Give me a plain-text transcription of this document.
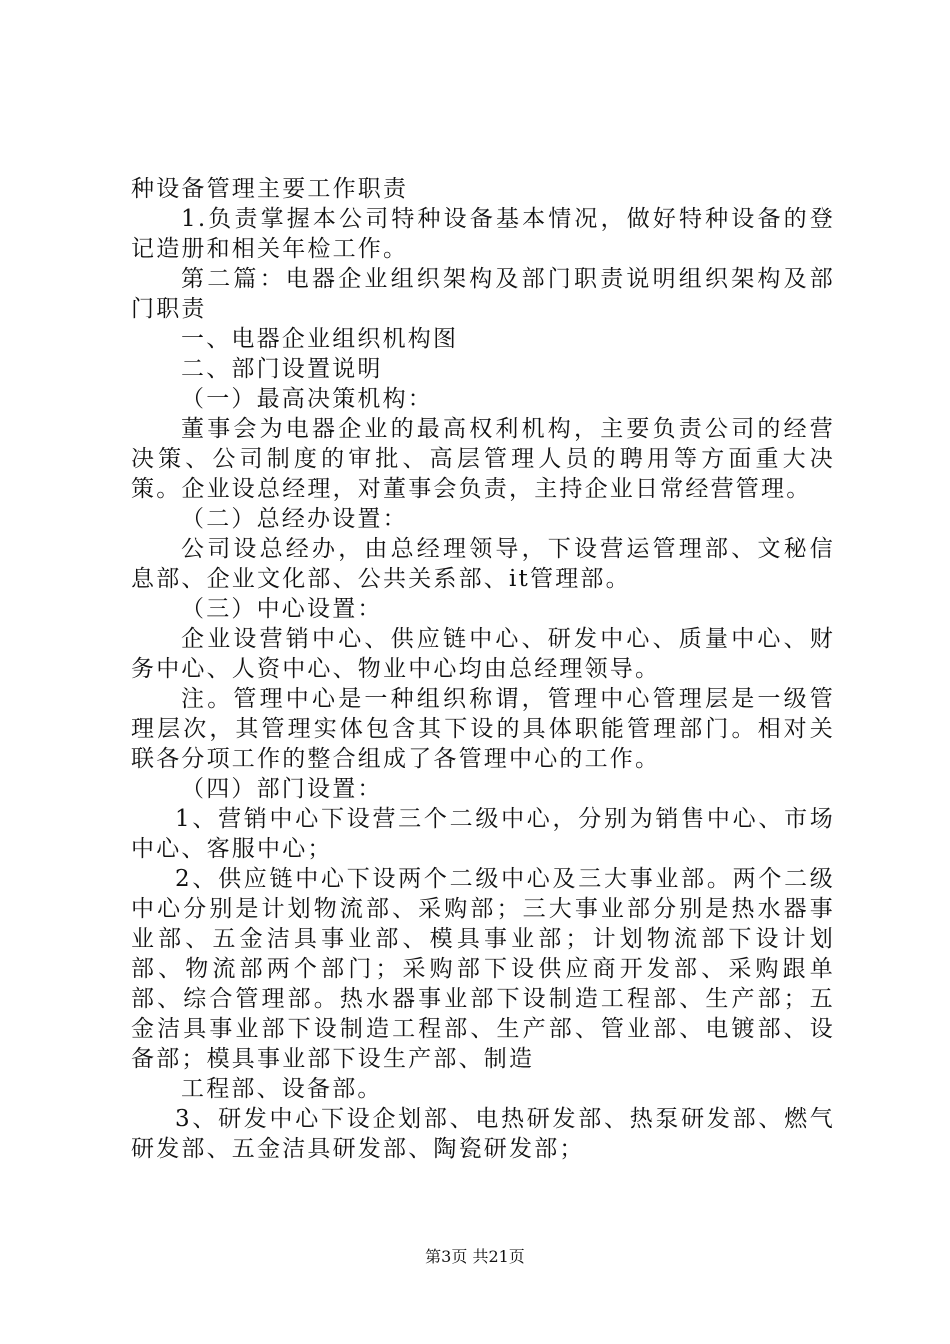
种设备管理主要工作职责

1.负责掌握本公司特种设备基本情况，做好特种设备的登记造册和相关年检工作。

第二篇：电器企业组织架构及部门职责说明组织架构及部门职责

一、电器企业组织机构图

二、部门设置说明

（一）最高决策机构：

董事会为电器企业的最高权利机构，主要负责公司的经营决策、公司制度的审批、高层管理人员的聘用等方面重大决策。企业设总经理，对董事会负责，主持企业日常经营管理。

（二）总经办设置：

公司设总经办，由总经理领导，下设营运管理部、文秘信息部、企业文化部、公共关系部、it管理部。

（三）中心设置：

企业设营销中心、供应链中心、研发中心、质量中心、财务中心、人资中心、物业中心均由总经理领导。

注。管理中心是一种组织称谓，管理中心管理层是一级管理层次，其管理实体包含其下设的具体职能管理部门。相对关联各分项工作的整合组成了各管理中心的工作。

（四）部门设置：

1、营销中心下设营三个二级中心，分别为销售中心、市场中心、客服中心；

2、供应链中心下设两个二级中心及三大事业部。两个二级中心分别是计划物流部、采购部；三大事业部分别是热水器事业部、五金洁具事业部、模具事业部；计划物流部下设计划部、物流部两个部门；采购部下设供应商开发部、采购跟单部、综合管理部。热水器事业部下设制造工程部、生产部；五金洁具事业部下设制造工程部、生产部、管业部、电镀部、设备部；模具事业部下设生产部、制造

工程部、设备部。

3、研发中心下设企划部、电热研发部、热泵研发部、燃气研发部、五金洁具研发部、陶瓷研发部；

第3页 共21页
